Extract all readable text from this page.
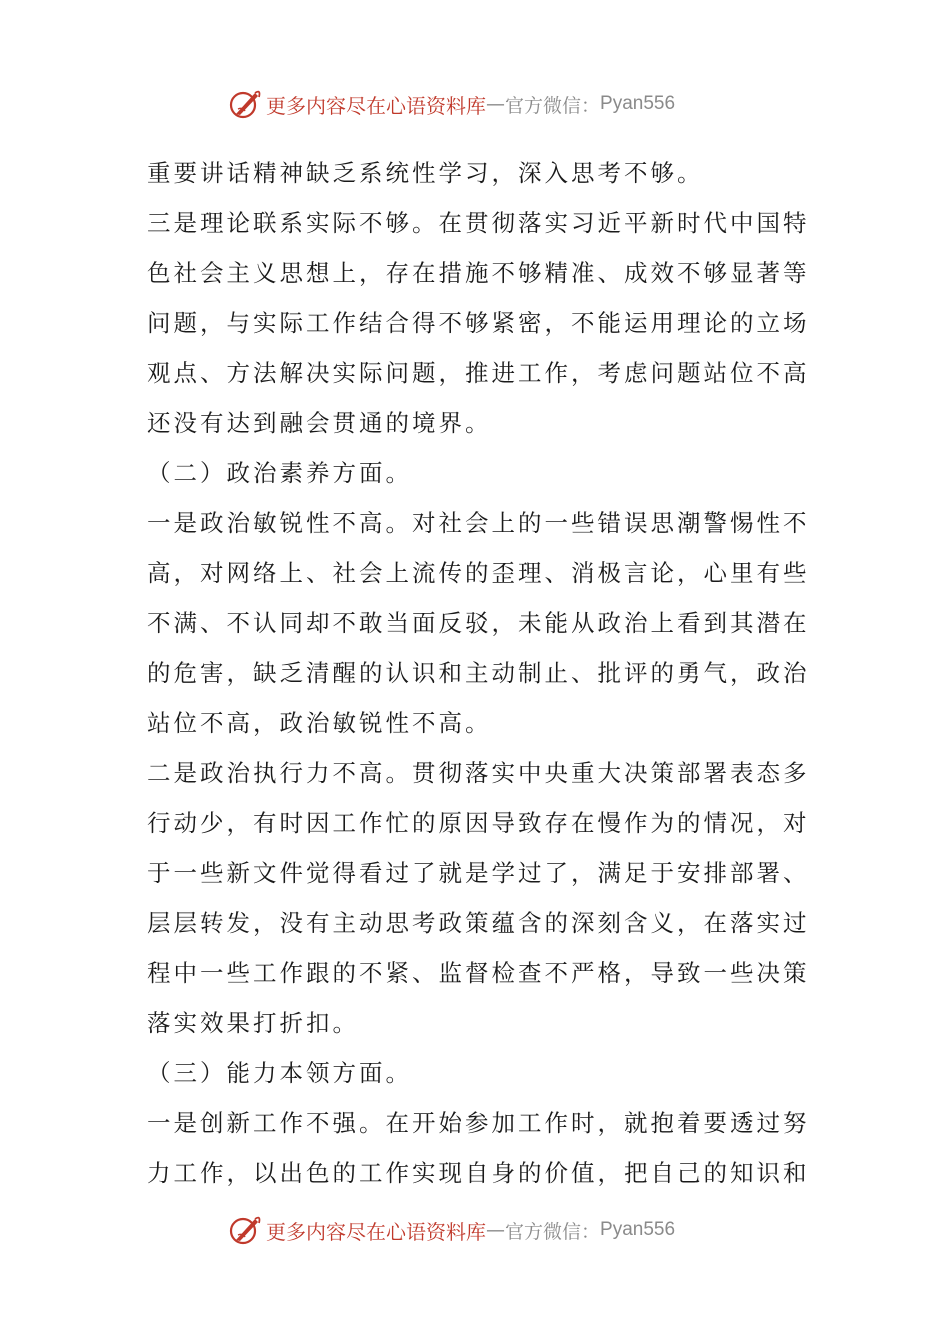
更多内容尽在心语资料库 — 官方微信： Pyan556
重要讲话精神缺乏系统性学习，深入思考不够。
三是理论联系实际不够。在贯彻落实习近平新时代中国特
色社会主义思想上，存在措施不够精准、成效不够显著等
问题，与实际工作结合得不够紧密，不能运用理论的立场
观点、方法解决实际问题，推进工作，考虑问题站位不高
还没有达到融会贯通的境界。
（二）政治素养方面。
一是政治敏锐性不高。对社会上的一些错误思潮警惕性不
高，对网络上、社会上流传的歪理、消极言论，心里有些
不满、不认同却不敢当面反驳，未能从政治上看到其潜在
的危害，缺乏清醒的认识和主动制止、批评的勇气，政治
站位不高，政治敏锐性不高。
二是政治执行力不高。贯彻落实中央重大决策部署表态多
行动少，有时因工作忙的原因导致存在慢作为的情况，对
于一些新文件觉得看过了就是学过了，满足于安排部署、
层层转发，没有主动思考政策蕴含的深刻含义，在落实过
程中一些工作跟的不紧、监督检查不严格，导致一些决策
落实效果打折扣。
（三）能力本领方面。
一是创新工作不强。在开始参加工作时，就抱着要透过努
力工作，以出色的工作实现自身的价值，把自己的知识和
更多内容尽在心语资料库 — 官方微信： Pyan556
